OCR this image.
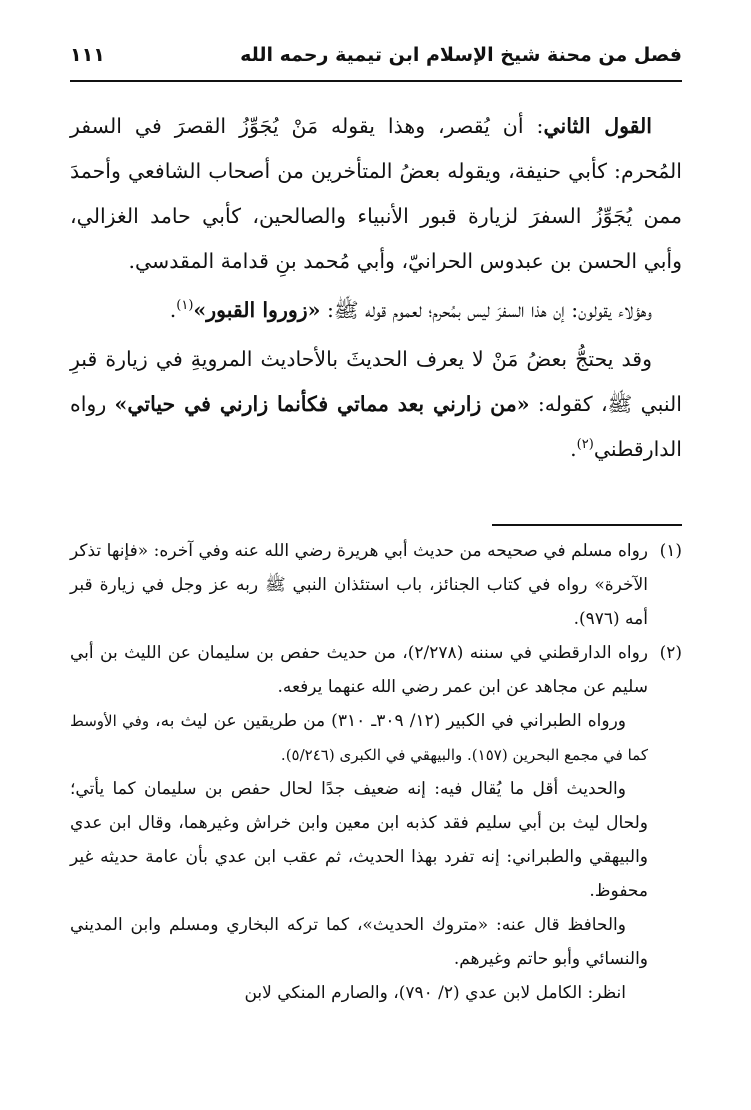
فصل من محنة شيخ الإسلام ابن تيمية رحمه الله
١١١

القول الثاني: أن يُقصر، وهذا يقوله مَنْ يُجَوِّزُ القصرَ في السفر المُحرم: كأبي حنيفة، ويقوله بعضُ المتأخرين من أصحاب الشافعي وأحمدَ ممن يُجَوِّزُ السفرَ لزيارة قبور الأنبياء والصالحين، كأبي حامد الغزالي، وأبي الحسن بن عبدوس الحرانيّ، وأبي مُحمد بنِ قدامة المقدسي.

وهؤلاء يقولون: إن هذا السفرَ ليس بمُحرم؛ لعموم قوله ﷺ: «زوروا القبور»$^{(١)}$.

وقد يحتجُّ بعضُ مَنْ لا يعرف الحديثَ بالأحاديث المرويةِ في زيارة قبرِ النبي ﷺ، كقوله: «من زارني بعد مماتي فكأنما زارني في حياتي» رواه الدارقطني$^{(٢)}$.

(١)

رواه مسلم في صحيحه من حديث أبي هريرة رضي الله عنه وفي آخره: «فإنها تذكر الآخرة» رواه في كتاب الجنائز، باب استئذان النبي ﷺ ربه عز وجل في زيارة قبر أمه (٩٧٦).

(٢)

رواه الدارقطني في سننه (٢/٢٧٨)، من حديث حفص بن سليمان عن الليث بن أبي سليم عن مجاهد عن ابن عمر رضي الله عنهما يرفعه.

ورواه الطبراني في الكبير (١٢/ ٣٠٩ـ ٣١٠) من طريقين عن ليث به، وفي الأوسط كما في مجمع البحرين (١٥٧). والبيهقي في الكبرى (٥/٢٤٦).

والحديث أقل ما يُقال فيه: إنه ضعيف جدًا لحال حفص بن سليمان كما يأتي؛ ولحال ليث بن أبي سليم فقد كذبه ابن معين وابن خراش وغيرهما، وقال ابن عدي والبيهقي والطبراني: إنه تفرد بهذا الحديث، ثم عقب ابن عدي بأن عامة حديثه غير محفوظ.

والحافظ قال عنه: «متروك الحديث»، كما تركه البخاري ومسلم وابن المديني والنسائي وأبو حاتم وغيرهم.

انظر: الكامل لابن عدي (٢/ ٧٩٠)، والصارم المنكي لابن
